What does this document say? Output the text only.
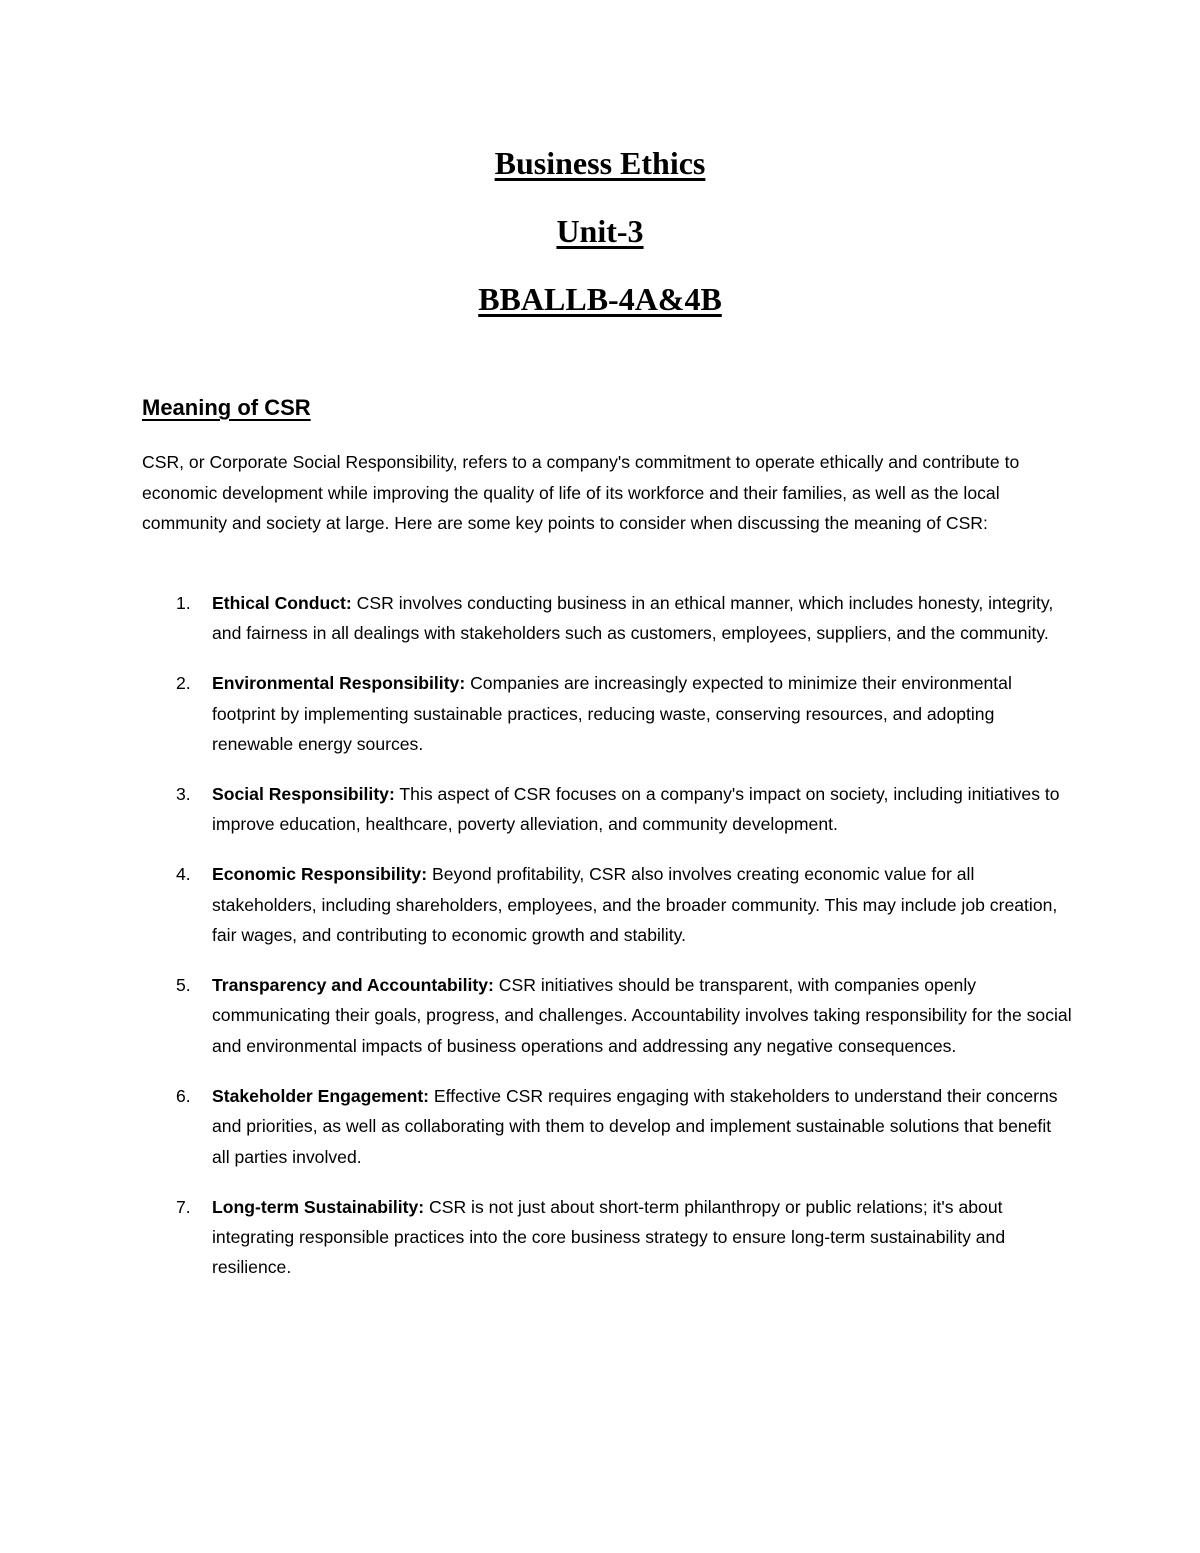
Business Ethics
Unit-3
BBALLB-4A&4B
Meaning of CSR

CSR, or Corporate Social Responsibility, refers to a company's commitment to operate ethically and contribute to economic development while improving the quality of life of its workforce and their families, as well as the local community and society at large. Here are some key points to consider when discussing the meaning of CSR:

1. Ethical Conduct: CSR involves conducting business in an ethical manner, which includes honesty, integrity, and fairness in all dealings with stakeholders such as customers, employees, suppliers, and the community.
2. Environmental Responsibility: Companies are increasingly expected to minimize their environmental footprint by implementing sustainable practices, reducing waste, conserving resources, and adopting renewable energy sources.
3. Social Responsibility: This aspect of CSR focuses on a company's impact on society, including initiatives to improve education, healthcare, poverty alleviation, and community development.
4. Economic Responsibility: Beyond profitability, CSR also involves creating economic value for all stakeholders, including shareholders, employees, and the broader community. This may include job creation, fair wages, and contributing to economic growth and stability.
5. Transparency and Accountability: CSR initiatives should be transparent, with companies openly communicating their goals, progress, and challenges. Accountability involves taking responsibility for the social and environmental impacts of business operations and addressing any negative consequences.
6. Stakeholder Engagement: Effective CSR requires engaging with stakeholders to understand their concerns and priorities, as well as collaborating with them to develop and implement sustainable solutions that benefit all parties involved.
7. Long-term Sustainability: CSR is not just about short-term philanthropy or public relations; it's about integrating responsible practices into the core business strategy to ensure long-term sustainability and resilience.
